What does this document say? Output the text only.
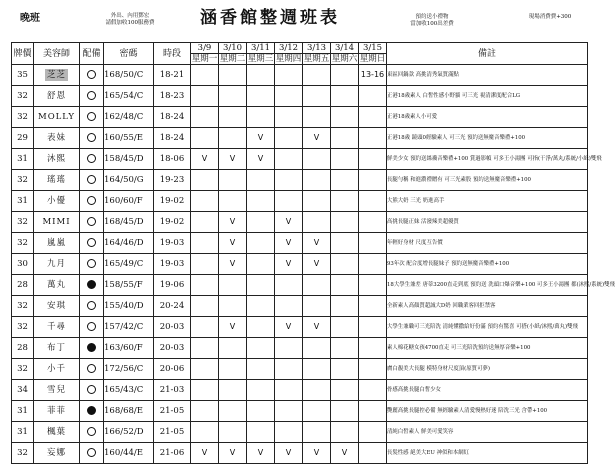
晚班	外出、內用鄧宏
請假加收100服務費	涵香館整週班表	預約送小禮物
當加收100出差費
現場消費費+300
牌價	美容師	配備	密碼	時段	3/9	3/10	3/11	3/12	3/13	3/14	3/15	備註
					星期一	星期二	星期三	星期四	星期五	星期六	星期日	
35	芝芝		168/50/C	18-21							13-16	東區回鍋款 高挑清秀氣質滿點
32	舒恩		165/54/C	18-23								正港18歲素人 白皙性感小野貓 可三光 視清潔度配合LG
32	MOLLY		162/48/C	18-24								正港18歲素人小可愛
29	表妹		160/55/E	18-24			V		V			正港18歲 鏡頭0經驗素人 可三光 預約送無魔音樂禮+100
31	沐熙		158/45/D	18-06	V	V	V					鮮美少女 預約送絲襪音樂禮+100 賞過影幀 可多王小湯團 可指(干淨/萬丸/系統/小紙)雙飛
32	瑤瑤		164/50/G	19-23								長腿勻稱 和進濃禮贈有 可三光素股 預約送無魔音樂禮+100
31	小優		160/60/F	19-02								大熊大奶 三光 奶進高手
32	MIMI		168/45/D	19-02		V		V				高挑長腿正妹 活潑辣美超優質
32	嵐嵐		164/46/D	19-03		V		V	V			年輕好身材 尺度互告價
30	九月		165/49/C	19-03		V		V	V			93年次 配合度增長腿妹子 預約送無魔音樂禮+100
28	萬丸		158/55/F	19-06								18大學生兼差 唐蒂3200直走到底 預約送 洗頭口爆音樂+100 可多王小湯團 都(沐熙/系統)雙飛
32	安琪		155/40/D	20-24								全新素人高顏質超誠大D奶 回職業客回拒禁客
32	千尋		157/42/C	20-03		V		V	V			大學生兼職可三光陪洗 清純懂撒給好份滿 預約有驚喜 可搭(小紙/沐熙/萬丸)雙飛
28	布丁		163/60/F	20-03								素人棉花糖女孩4700直走 可三光陪洗預約送無厚音樂+100
32	小千		172/56/C	20-06								膚白靚美大長腿 模特身材尺度頂(原質可夢)
34	雪兒		165/43/C	21-03								骨感高挑長腿白皙少女
31	菲菲		168/68/E	21-05								艷麗高挑長腿控必備 無經驗素人清愛慢熱好迷 陪洗三光 含帶+100
31	楓葉		166/52/D	21-05								清純白皙素人 鮮美可愛笑容
32	妄娜		160/44/E	21-06	V	V	V	V	V	V		長髮性感 絕美大EU 神似和本網紅
